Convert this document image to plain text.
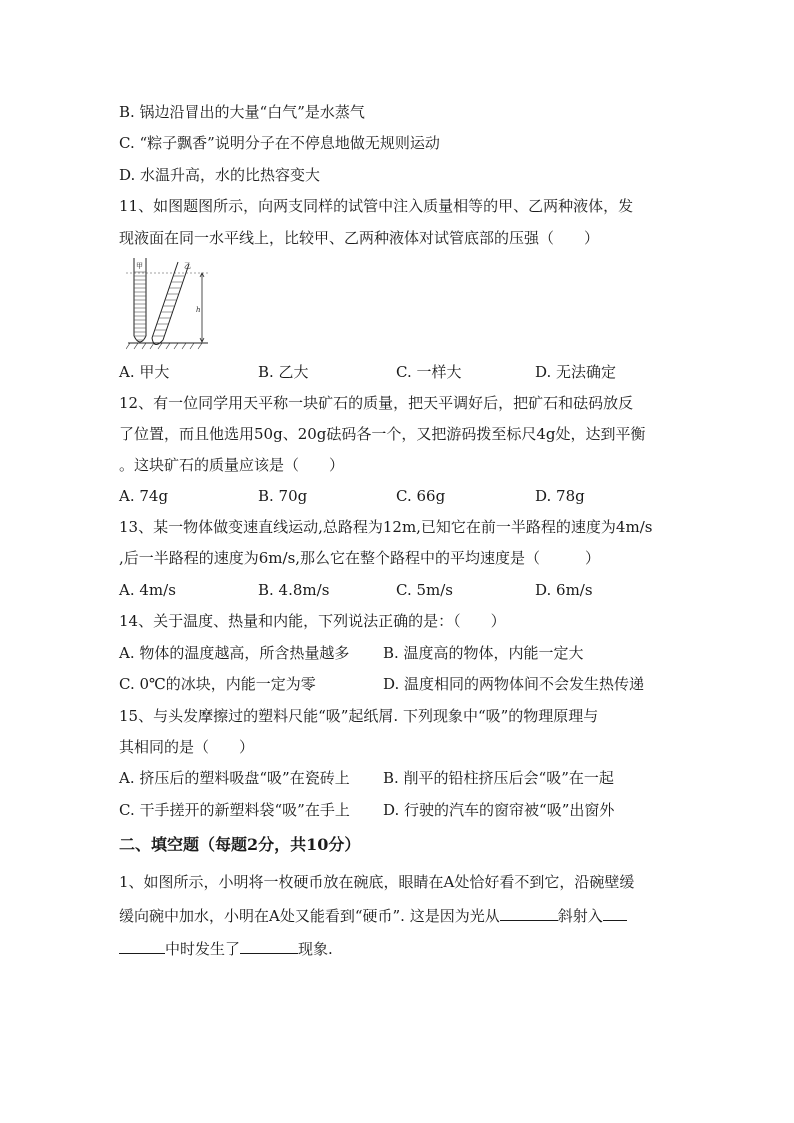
B. 锅边沿冒出的大量“白气”是水蒸气
C. “粽子飘香”说明分子在不停息地做无规则运动
D. 水温升高，水的比热容变大
11、如图题图所示，向两支同样的试管中注入质量相等的甲、乙两种液体，发
现液面在同一水平线上，比较甲、乙两种液体对试管底部的压强（　　）
甲	乙
h
A. 甲大	B. 乙大	C. 一样大	D. 无法确定
12、有一位同学用天平称一块矿石的质量，把天平调好后，把矿石和砝码放反
了位置，而且他选用50g、20g砝码各一个，又把游码拨至标尺4g处，达到平衡
。这块矿石的质量应该是（　　）
A. 74g	B. 70g	C. 66g	D. 78g
13、某一物体做变速直线运动,总路程为12m,已知它在前一半路程的速度为4m/s
,后一半路程的速度为6m/s,那么它在整个路程中的平均速度是（　　　）
A. 4m/s	B. 4.8m/s	C. 5m/s	D. 6m/s
14、关于温度、热量和内能，下列说法正确的是：（　　）
A. 物体的温度越高，所含热量越多 B. 温度高的物体，内能一定大
C. 0℃的冰块，内能一定为零	D. 温度相同的两物体间不会发生热传递
15、与头发摩擦过的塑料尺能“吸”起纸屑. 下列现象中“吸”的物理原理与
其相同的是（　　）
A. 挤压后的塑料吸盘“吸”在瓷砖上 B. 削平的铅柱挤压后会“吸”在一起
C. 干手搓开的新塑料袋“吸”在手上 D. 行驶的汽车的窗帘被“吸”出窗外
二、填空题（每题2分，共10分）
1、如图所示，小明将一枚硬币放在碗底，眼睛在A处恰好看不到它，沿碗壁缓
缓向碗中加水，小明在A处又能看到“硬币”. 这是因为光从	斜射入
中时发生了	现象.
